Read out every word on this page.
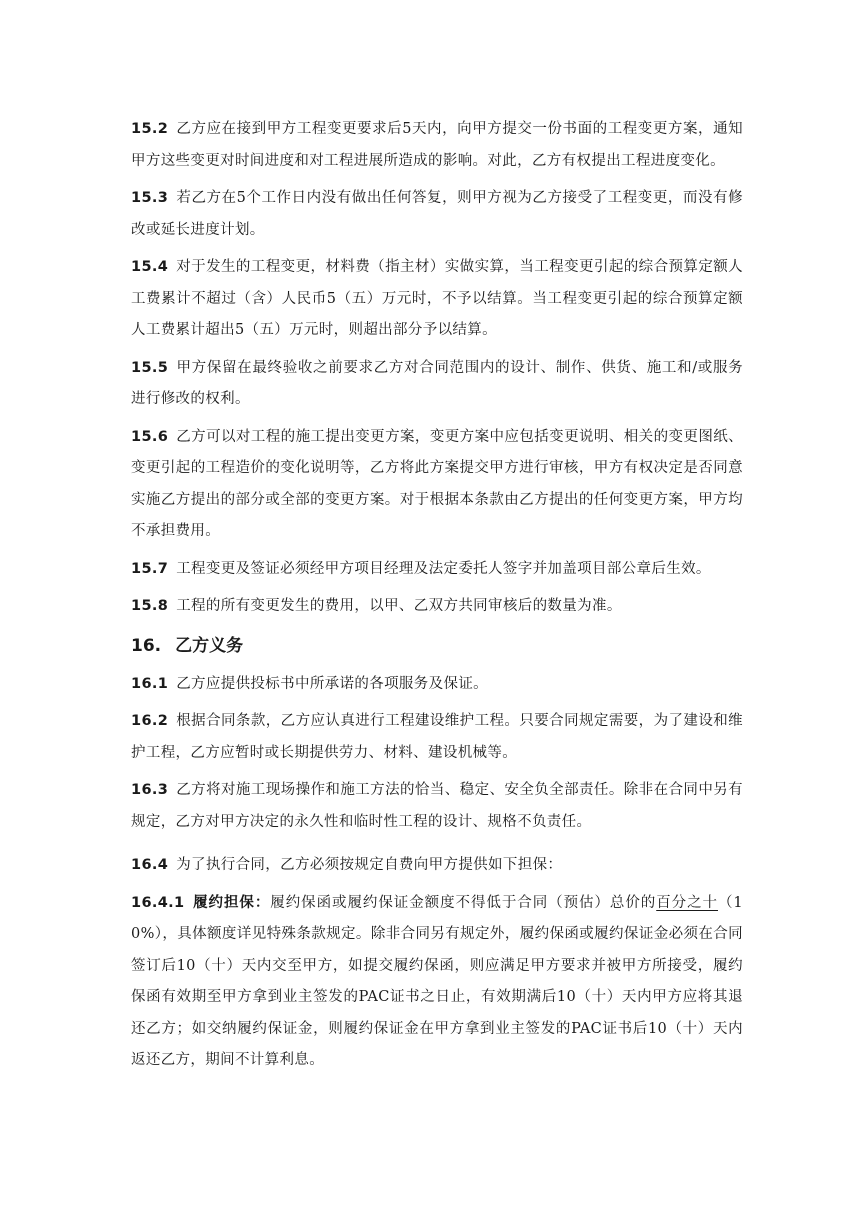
15.2 乙方应在接到甲方工程变更要求后5天内，向甲方提交一份书面的工程变更方案，通知甲方这些变更对时间进度和对工程进展所造成的影响。对此，乙方有权提出工程进度变化。

15.3 若乙方在5个工作日内没有做出任何答复，则甲方视为乙方接受了工程变更，而没有修改或延长进度计划。

15.4 对于发生的工程变更，材料费（指主材）实做实算，当工程变更引起的综合预算定额人工费累计不超过（含）人民币5（五）万元时，不予以结算。当工程变更引起的综合预算定额人工费累计超出5（五）万元时，则超出部分予以结算。

15.5 甲方保留在最终验收之前要求乙方对合同范围内的设计、制作、供货、施工和/或服务进行修改的权利。

15.6 乙方可以对工程的施工提出变更方案，变更方案中应包括变更说明、相关的变更图纸、变更引起的工程造价的变化说明等，乙方将此方案提交甲方进行审核，甲方有权决定是否同意实施乙方提出的部分或全部的变更方案。对于根据本条款由乙方提出的任何变更方案，甲方均不承担费用。

15.7 工程变更及签证必须经甲方项目经理及法定委托人签字并加盖项目部公章后生效。

15.8 工程的所有变更发生的费用，以甲、乙双方共同审核后的数量为准。

16. 乙方义务

16.1 乙方应提供投标书中所承诺的各项服务及保证。

16.2 根据合同条款，乙方应认真进行工程建设维护工程。只要合同规定需要，为了建设和维护工程，乙方应暂时或长期提供劳力、材料、建设机械等。

16.3 乙方将对施工现场操作和施工方法的恰当、稳定、安全负全部责任。除非在合同中另有规定，乙方对甲方决定的永久性和临时性工程的设计、规格不负责任。

16.4 为了执行合同，乙方必须按规定自费向甲方提供如下担保：

16.4.1 履约担保：履约保函或履约保证金额度不得低于合同（预估）总价的百分之十（10%），具体额度详见特殊条款规定。除非合同另有规定外，履约保函或履约保证金必须在合同签订后10（十）天内交至甲方，如提交履约保函，则应满足甲方要求并被甲方所接受，履约保函有效期至甲方拿到业主签发的PAC证书之日止，有效期满后10（十）天内甲方应将其退还乙方；如交纳履约保证金，则履约保证金在甲方拿到业主签发的PAC证书后10（十）天内返还乙方，期间不计算利息。
